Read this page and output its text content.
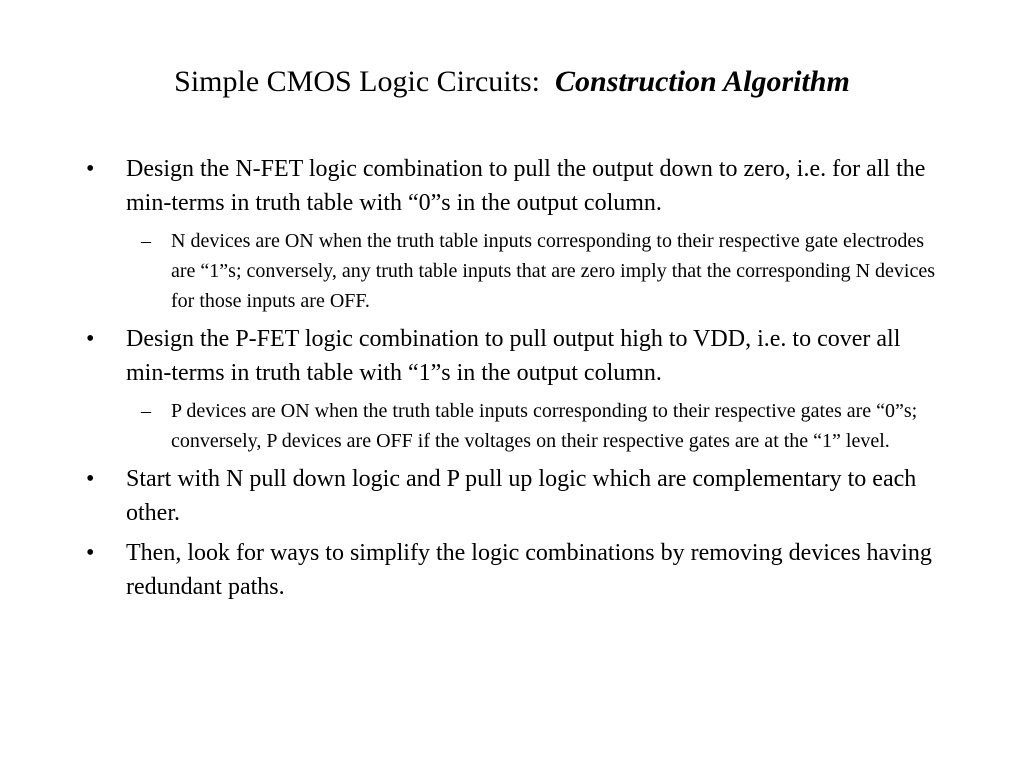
Simple CMOS Logic Circuits: Construction Algorithm
•	Design the N-FET logic combination to pull the output down to zero, i.e. for all the min-terms in truth table with “0”s in the output column.
– N devices are ON when the truth table inputs corresponding to their respective gate electrodes are “1”s; conversely, any truth table inputs that are zero imply that the corresponding N devices for those inputs are OFF.
•	Design the P-FET logic combination to pull output high to VDD, i.e. to cover all min-terms in truth table with “1”s in the output column.
– P devices are ON when the truth table inputs corresponding to their respective gates are “0”s; conversely, P devices are OFF if the voltages on their respective gates are at the “1” level.
•	Start with N pull down logic and P pull up logic which are complementary to each other.
•	Then, look for ways to simplify the logic combinations by removing devices having redundant paths.
